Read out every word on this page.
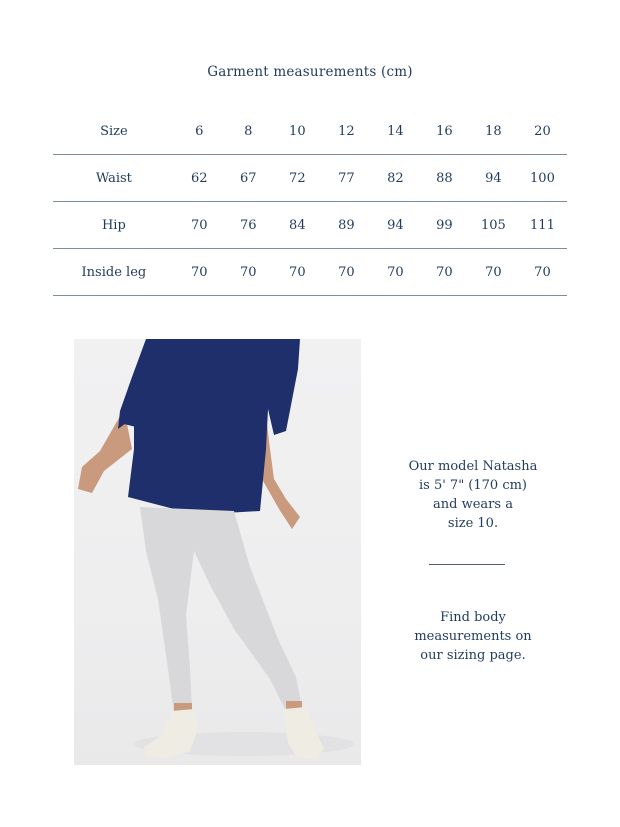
Garment measurements (cm)
Size	6	8	10	12	14	16	18	20
Waist	62	67	72	77	82	88	94	100
Hip	70	76	84	89	94	99	105	111
Inside leg	70	70	70	70	70	70	70	70
Our model Natasha
is 5' 7" (170 cm)
and wears a
size 10.
Find body
measurements on
our sizing page.
